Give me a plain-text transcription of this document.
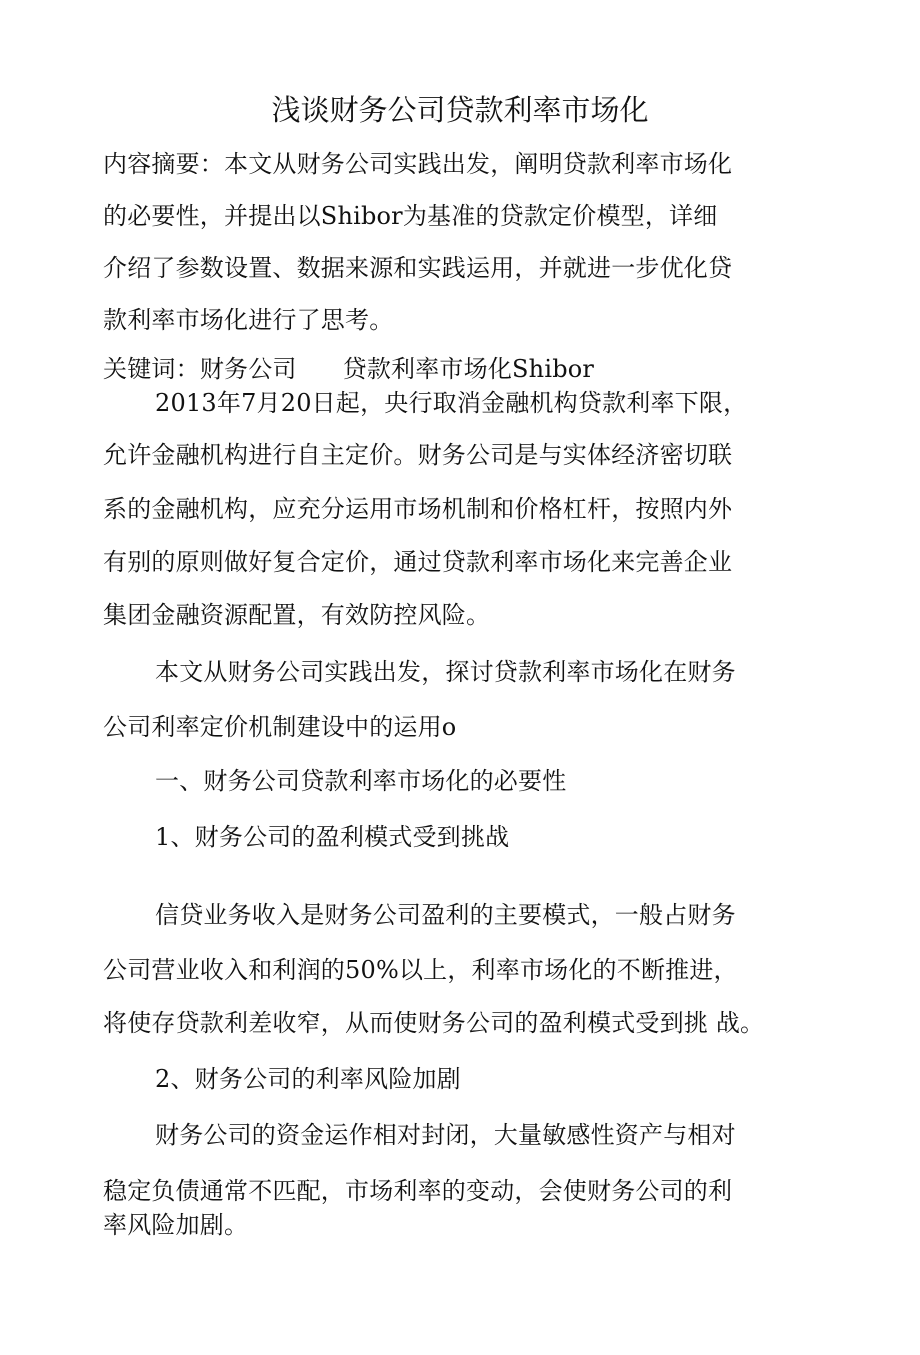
浅谈财务公司贷款利率市场化
内容摘要：本文从财务公司实践出发，阐明贷款利率市场化
的必要性，并提出以Shibor为基准的贷款定价模型，详细
介绍了参数设置、数据来源和实践运用，并就进一步优化贷
款利率市场化进行了思考。
关键词：财务公司 贷款利率市场化Shibor
2013年7月20日起，央行取消金融机构贷款利率下限，
允许金融机构进行自主定价。财务公司是与实体经济密切联
系的金融机构，应充分运用市场机制和价格杠杆，按照内外
有别的原则做好复合定价，通过贷款利率市场化来完善企业
集团金融资源配置，有效防控风险。
本文从财务公司实践出发，探讨贷款利率市场化在财务
公司利率定价机制建设中的运用o
一、财务公司贷款利率市场化的必要性
1、财务公司的盈利模式受到挑战
信贷业务收入是财务公司盈利的主要模式，一般占财务
公司营业收入和利润的50%以上，利率市场化的不断推进，
将使存贷款利差收窄，从而使财务公司的盈利模式受到挑 战。
2、财务公司的利率风险加剧
财务公司的资金运作相对封闭，大量敏感性资产与相对
稳定负债通常不匹配，市场利率的变动，会使财务公司的利
率风险加剧。
